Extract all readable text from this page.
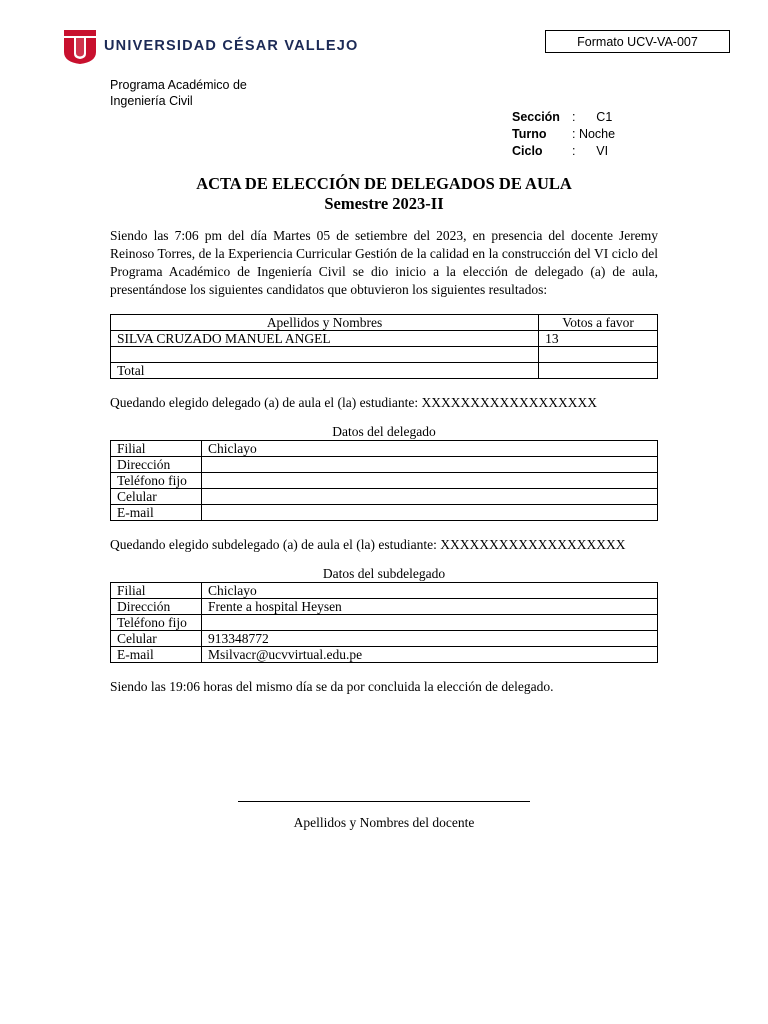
UNIVERSIDAD CÉSAR VALLEJO	Formato UCV-VA-007
Programa Académico de
Ingeniería Civil
Sección :      C1
Turno	: Noche
Ciclo	:      VI
ACTA DE ELECCIÓN DE DELEGADOS DE AULA
Semestre 2023-II
Siendo las 7:06 pm del día Martes 05 de setiembre del 2023, en presencia del docente Jeremy Reinoso Torres, de la Experiencia Curricular Gestión de la calidad en la construcción del VI ciclo del Programa Académico de Ingeniería Civil se dio inicio a la elección de delegado (a) de aula, presentándose los siguientes candidatos que obtuvieron los siguientes resultados:
Apellidos y Nombres	Votos a favor
SILVA CRUZADO MANUEL ANGEL	13

Total	
Quedando elegido delegado (a) de aula el (la) estudiante: XXXXXXXXXXXXXXXXXX
Datos del delegado
Filial	Chiclayo
Dirección	
Teléfono fijo	
Celular	
E-mail	
Quedando elegido subdelegado (a) de aula el (la) estudiante: XXXXXXXXXXXXXXXXXXX
Datos del subdelegado
Filial	Chiclayo
Dirección	Frente a hospital Heysen
Teléfono fijo	
Celular	913348772
E-mail	Msilvacr@ucvvirtual.edu.pe
Siendo las 19:06 horas del mismo día se da por concluida la elección de delegado.
Apellidos y Nombres del docente
